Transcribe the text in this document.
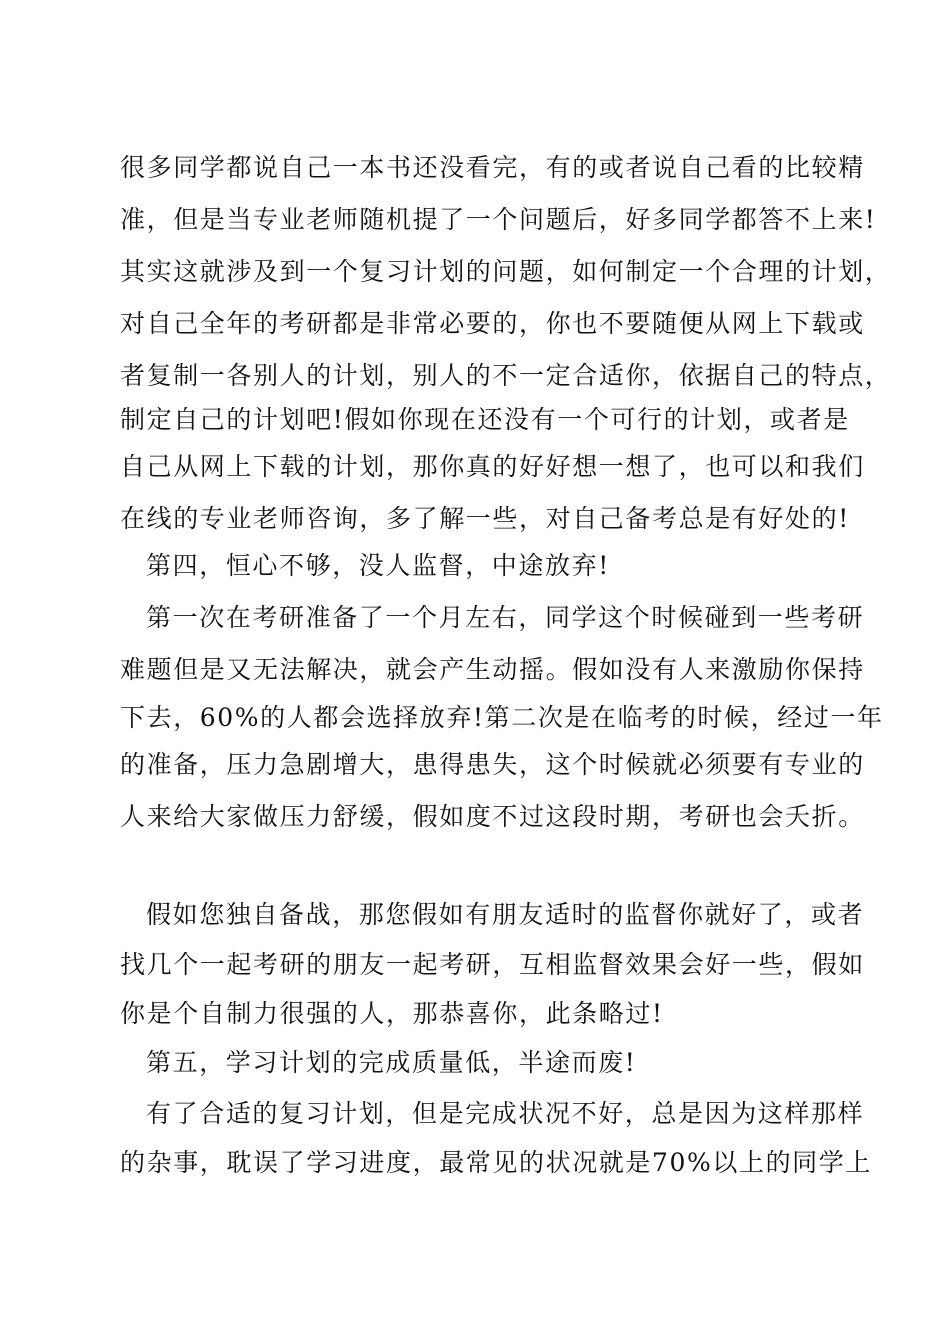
很多同学都说自己一本书还没看完，有的或者说自己看的比较精
准，但是当专业老师随机提了一个问题后，好多同学都答不上来!
其实这就涉及到一个复习计划的问题，如何制定一个合理的计划，
对自己全年的考研都是非常必要的，你也不要随便从网上下载或
者复制一各别人的计划，别人的不一定合适你，依据自己的特点，
制定自己的计划吧!假如你现在还没有一个可行的计划，或者是
自己从网上下载的计划，那你真的好好想一想了，也可以和我们
在线的专业老师咨询，多了解一些，对自己备考总是有好处的!
第四，恒心不够，没人监督，中途放弃!
第一次在考研准备了一个月左右，同学这个时候碰到一些考研
难题但是又无法解决，就会产生动摇。假如没有人来激励你保持
下去，60%的人都会选择放弃!第二次是在临考的时候，经过一年
的准备，压力急剧增大，患得患失，这个时候就必须要有专业的
人来给大家做压力舒缓，假如度不过这段时期，考研也会夭折。
假如您独自备战，那您假如有朋友适时的监督你就好了，或者
找几个一起考研的朋友一起考研，互相监督效果会好一些，假如
你是个自制力很强的人，那恭喜你，此条略过!
第五，学习计划的完成质量低，半途而废!
有了合适的复习计划，但是完成状况不好，总是因为这样那样
的杂事，耽误了学习进度，最常见的状况就是70%以上的同学上
